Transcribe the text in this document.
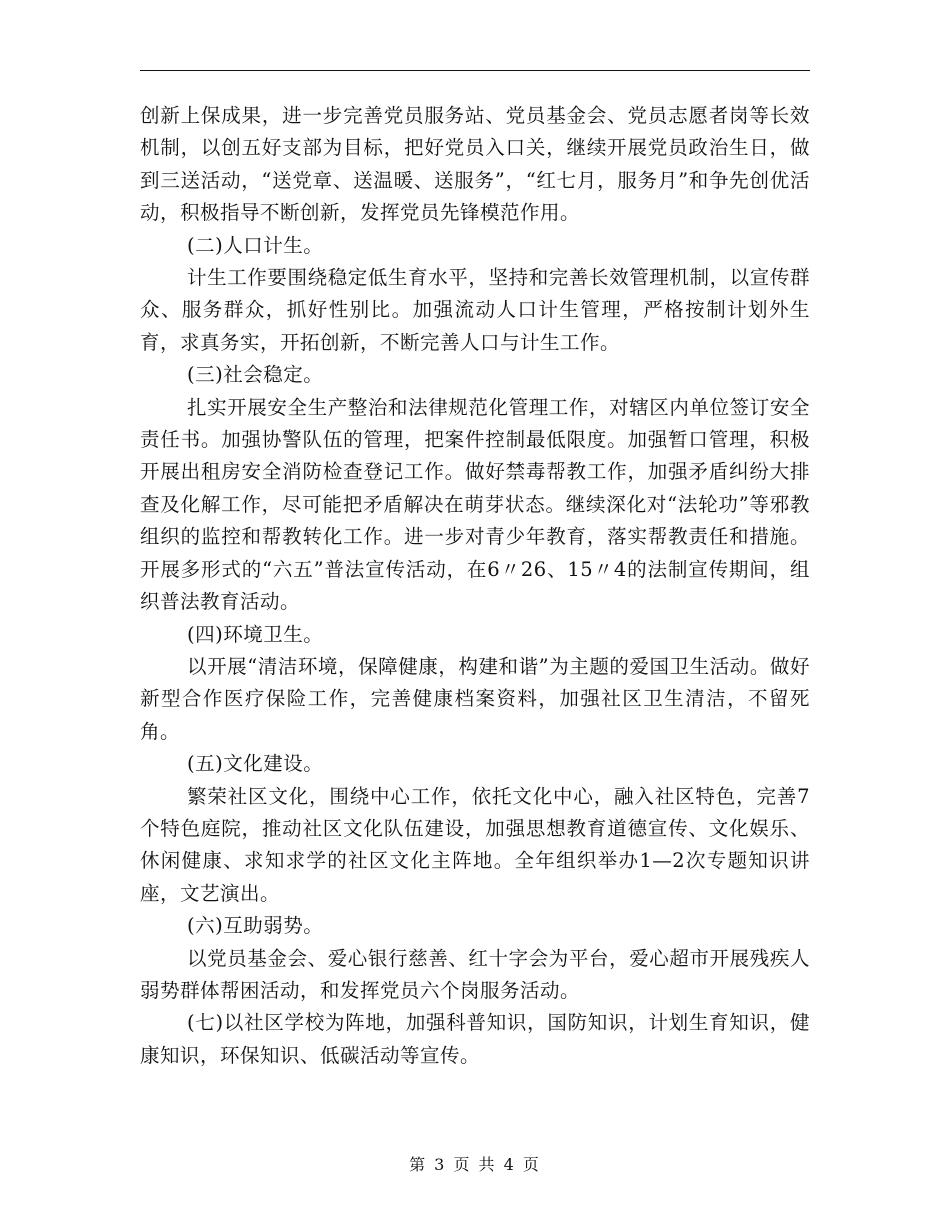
创新上保成果，进一步完善党员服务站、党员基金会、党员志愿者岗等长效机制，以创五好支部为目标，把好党员入口关，继续开展党员政治生日，做到三送活动，“送党章、送温暖、送服务”，“红七月，服务月”和争先创优活动，积极指导不断创新，发挥党员先锋模范作用。

(二)人口计生。

计生工作要围绕稳定低生育水平，坚持和完善长效管理机制，以宣传群众、服务群众，抓好性别比。加强流动人口计生管理，严格按制计划外生育，求真务实，开拓创新，不断完善人口与计生工作。

(三)社会稳定。

扎实开展安全生产整治和法律规范化管理工作，对辖区内单位签订安全责任书。加强协警队伍的管理，把案件控制最低限度。加强暂口管理，积极开展出租房安全消防检查登记工作。做好禁毒帮教工作，加强矛盾纠纷大排查及化解工作，尽可能把矛盾解决在萌芽状态。继续深化对“法轮功”等邪教组织的监控和帮教转化工作。进一步对青少年教育，落实帮教责任和措施。开展多形式的“六五”普法宣传活动，在6〃26、15〃4的法制宣传期间，组织普法教育活动。

(四)环境卫生。

以开展“清洁环境，保障健康，构建和谐”为主题的爱国卫生活动。做好新型合作医疗保险工作，完善健康档案资料，加强社区卫生清洁，不留死角。

(五)文化建设。

繁荣社区文化，围绕中心工作，依托文化中心，融入社区特色，完善7个特色庭院，推动社区文化队伍建设，加强思想教育道德宣传、文化娱乐、休闲健康、求知求学的社区文化主阵地。全年组织举办1—2次专题知识讲座，文艺演出。

(六)互助弱势。

以党员基金会、爱心银行慈善、红十字会为平台，爱心超市开展残疾人弱势群体帮困活动，和发挥党员六个岗服务活动。

(七)以社区学校为阵地，加强科普知识，国防知识，计划生育知识，健康知识，环保知识、低碳活动等宣传。

第 3 页 共 4 页
